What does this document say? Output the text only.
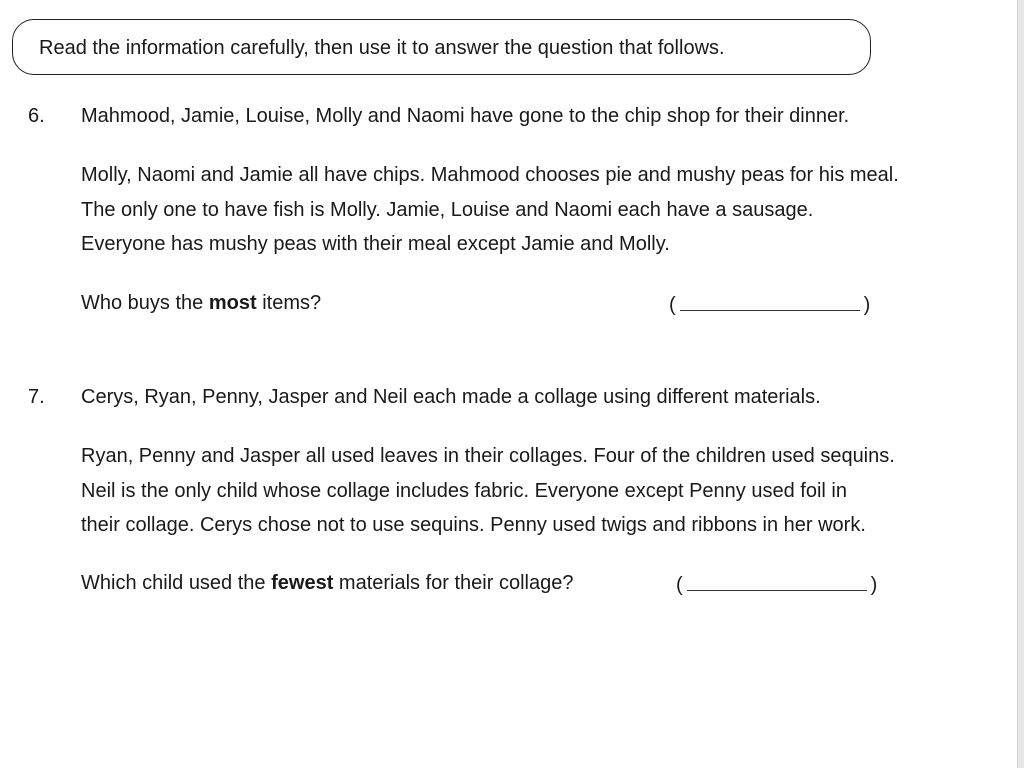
Read the information carefully, then use it to answer the question that follows.
6. Mahmood, Jamie, Louise, Molly and Naomi have gone to the chip shop for their dinner.
Molly, Naomi and Jamie all have chips. Mahmood chooses pie and mushy peas for his meal.
The only one to have fish is Molly. Jamie, Louise and Naomi each have a sausage.
Everyone has mushy peas with their meal except Jamie and Molly.
Who buys the most items?	(	)
7. Cerys, Ryan, Penny, Jasper and Neil each made a collage using different materials.
Ryan, Penny and Jasper all used leaves in their collages. Four of the children used sequins.
Neil is the only child whose collage includes fabric. Everyone except Penny used foil in
their collage. Cerys chose not to use sequins. Penny used twigs and ribbons in her work.
Which child used the fewest materials for their collage?	(	)
